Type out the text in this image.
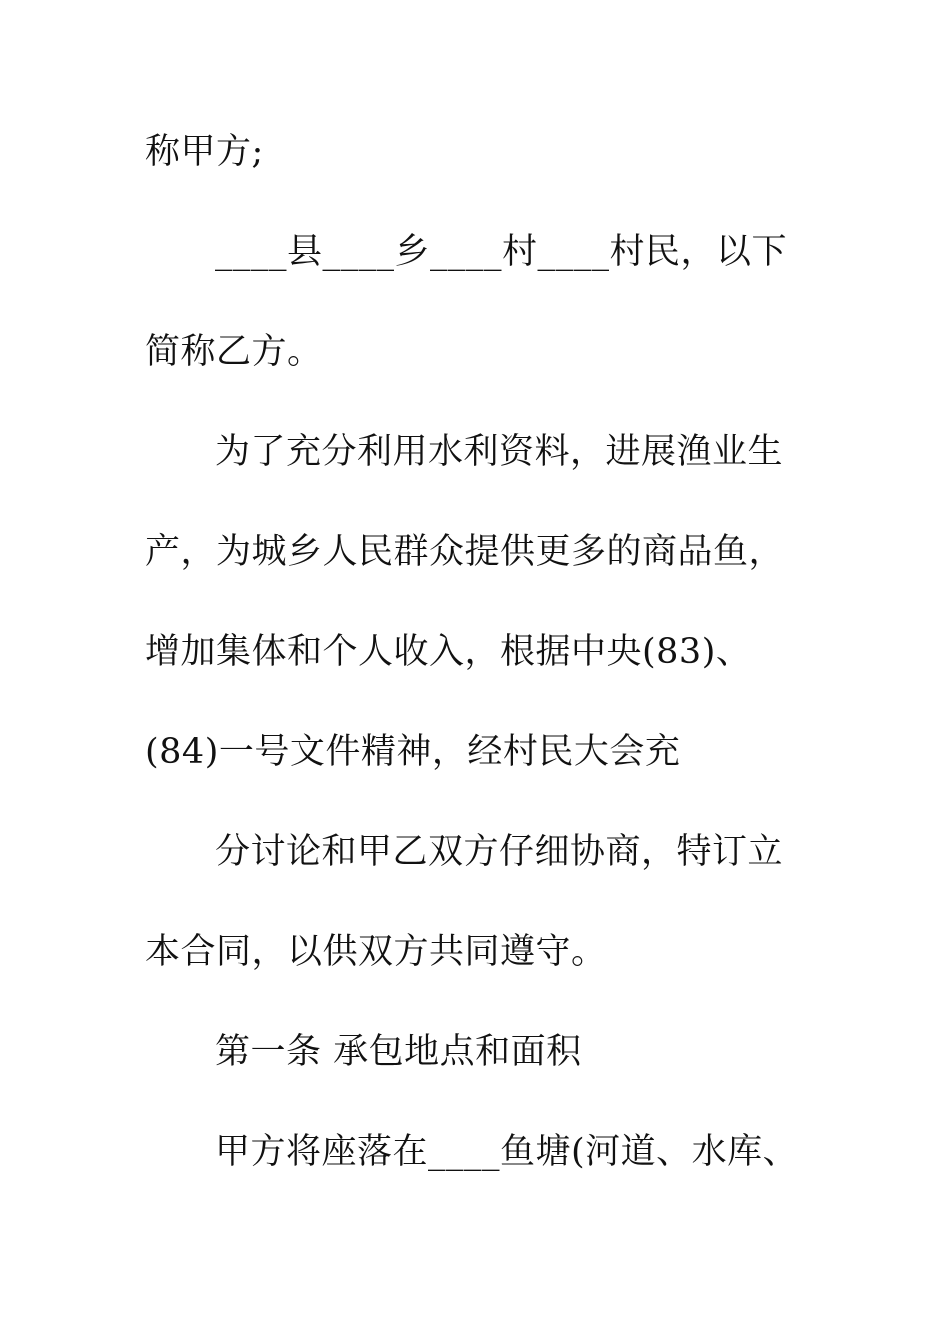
称甲方;
____县____乡____村____村民，以下
简称乙方。
为了充分利用水利资料，进展渔业生
产，为城乡人民群众提供更多的商品鱼，
增加集体和个人收入，根据中央(83)、
(84)一号文件精神，经村民大会充
分讨论和甲乙双方仔细协商，特订立
本合同，以供双方共同遵守。
第一条 承包地点和面积
甲方将座落在____鱼塘(河道、水库、
